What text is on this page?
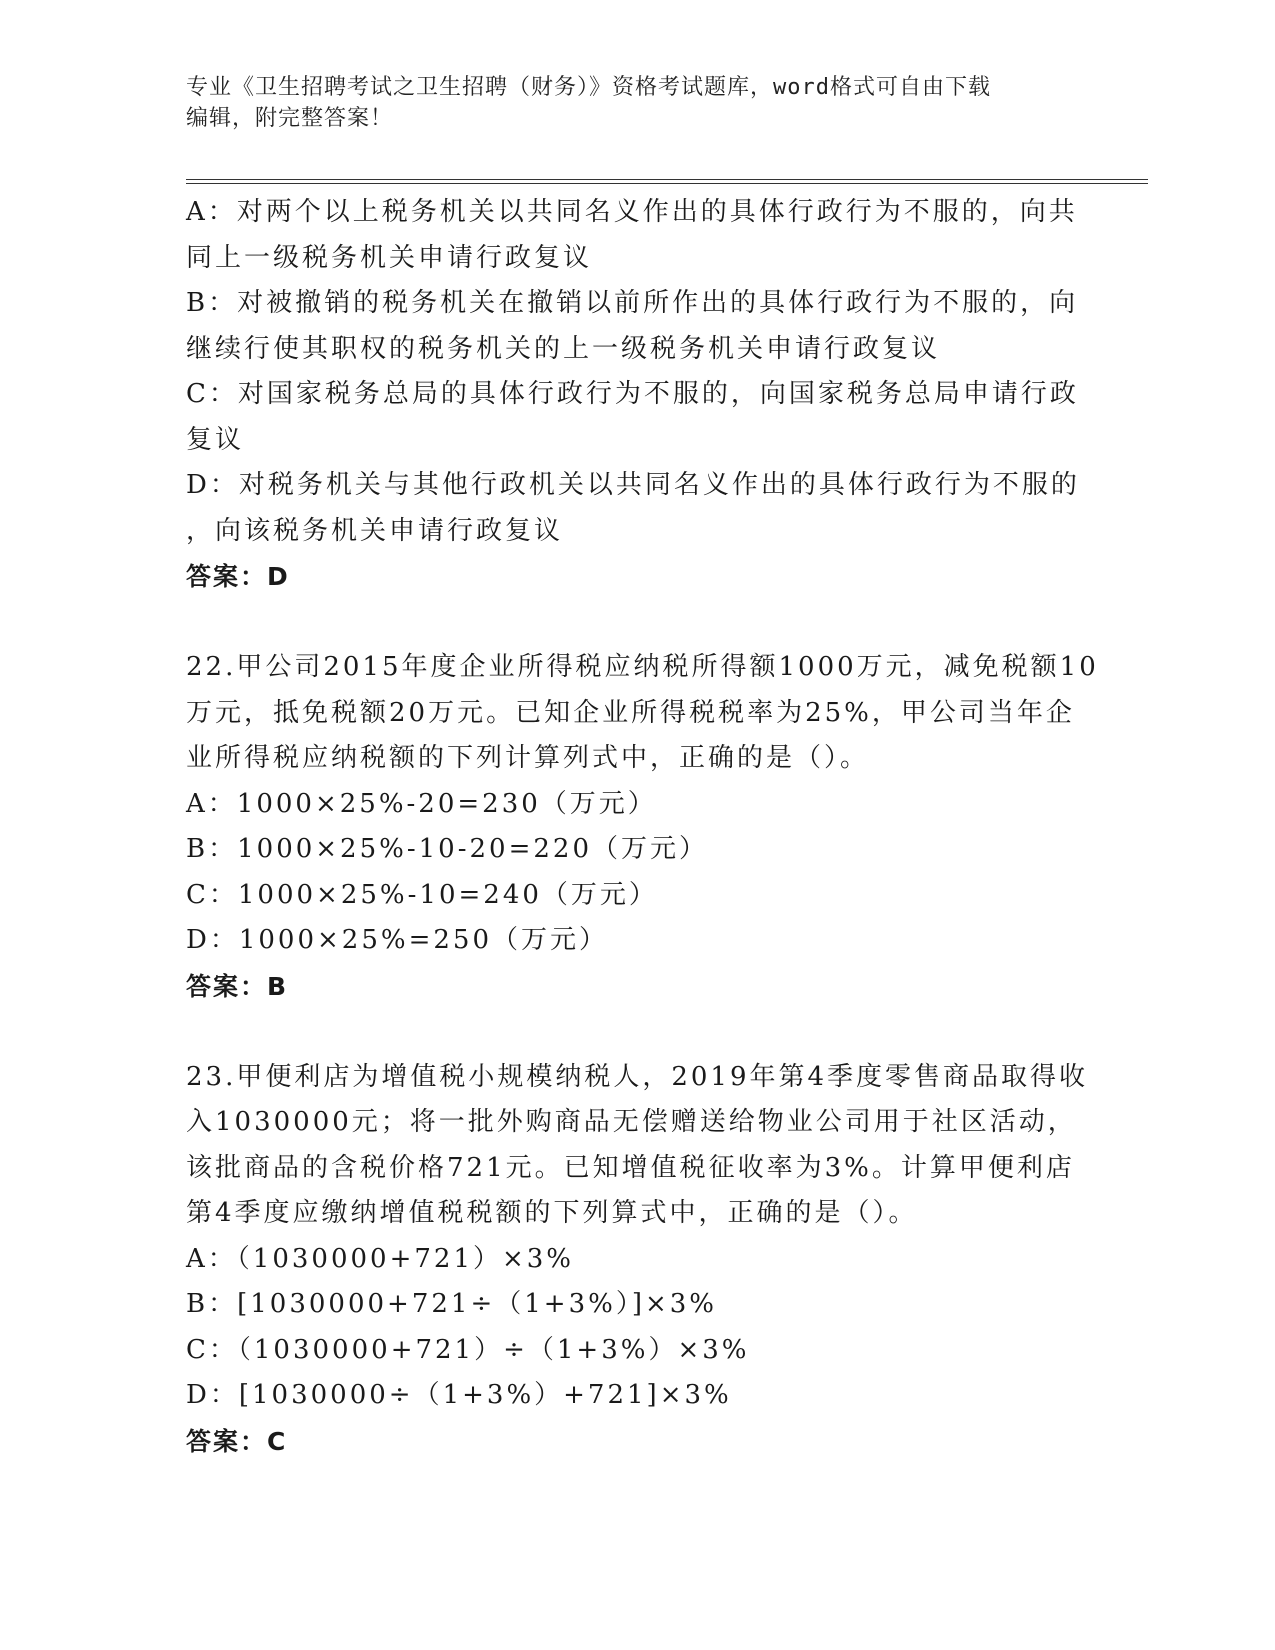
专业《卫生招聘考试之卫生招聘（财务）》资格考试题库，word格式可自由下载
编辑，附完整答案！
A：对两个以上税务机关以共同名义作出的具体行政行为不服的，向共
同上一级税务机关申请行政复议
B：对被撤销的税务机关在撤销以前所作出的具体行政行为不服的，向
继续行使其职权的税务机关的上一级税务机关申请行政复议
C：对国家税务总局的具体行政行为不服的，向国家税务总局申请行政
复议
D：对税务机关与其他行政机关以共同名义作出的具体行政行为不服的
，向该税务机关申请行政复议
答案：D
22.甲公司2015年度企业所得税应纳税所得额1000万元，减免税额10
万元，抵免税额20万元。已知企业所得税税率为25%，甲公司当年企
业所得税应纳税额的下列计算列式中，正确的是（）。
A：1000×25%-20=230（万元）
B：1000×25%-10-20=220（万元）
C：1000×25%-10=240（万元）
D：1000×25%=250（万元）
答案：B
23.甲便利店为增值税小规模纳税人，2019年第4季度零售商品取得收
入1030000元；将一批外购商品无偿赠送给物业公司用于社区活动，
该批商品的含税价格721元。已知增值税征收率为3%。计算甲便利店
第4季度应缴纳增值税税额的下列算式中，正确的是（）。
A：（1030000+721）×3%
B：[1030000+721÷（1+3%）]×3%
C：（1030000+721）÷（1+3%）×3%
D：[1030000÷（1+3%）+721]×3%
答案：C
